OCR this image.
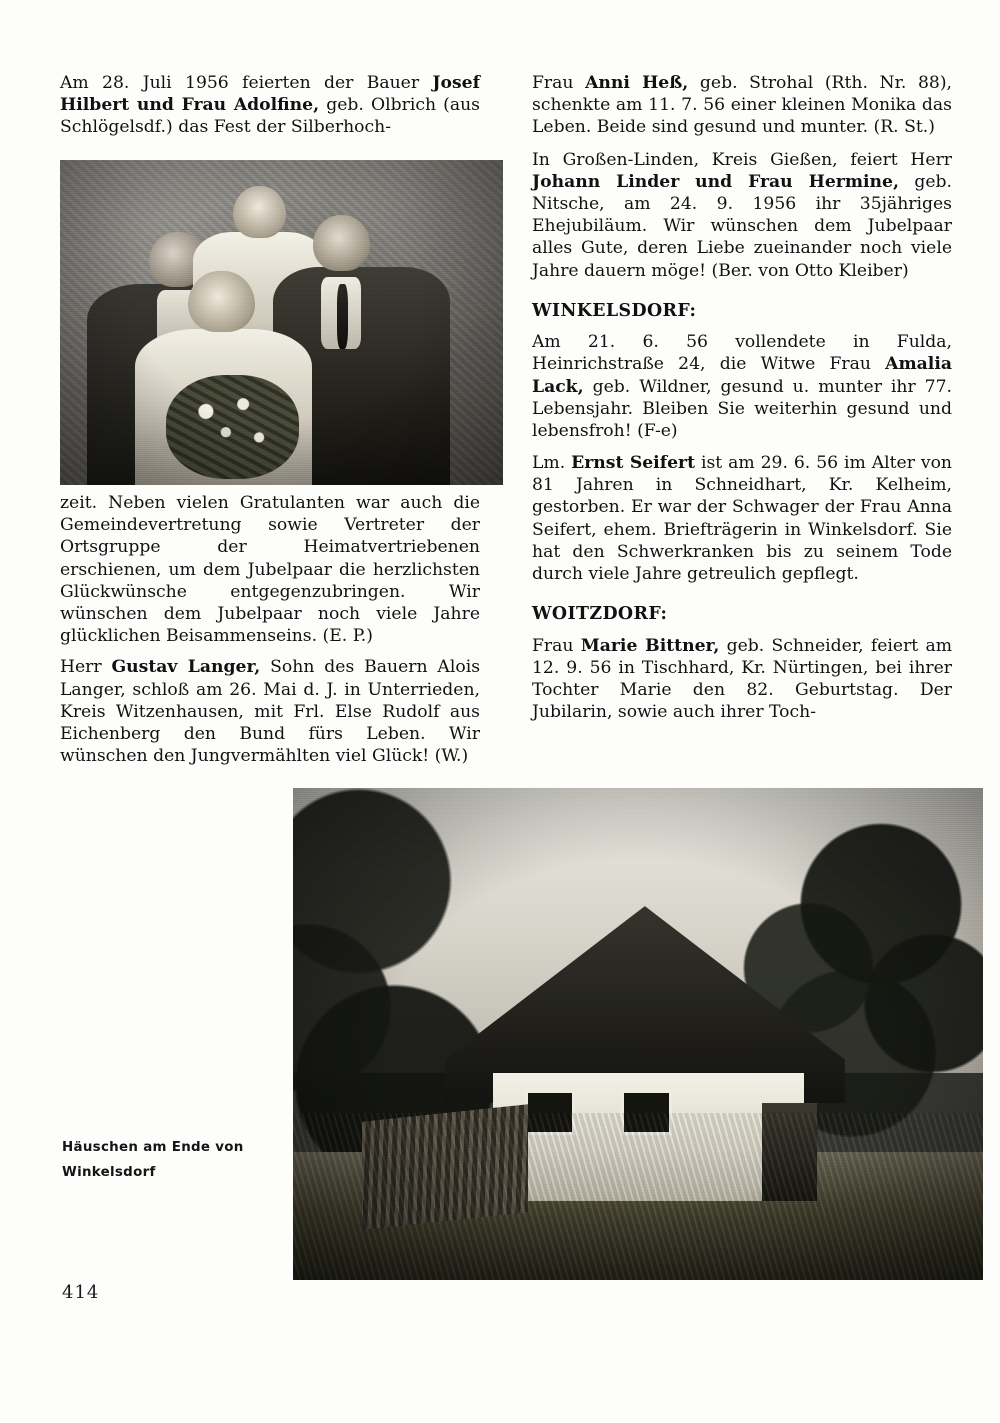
Am 28. Juli 1956 feierten der Bauer Josef Hilbert und Frau Adolfine, geb. Olbrich (aus Schlögelsdf.) das Fest der Silberhoch-

zeit. Neben vielen Gratulanten war auch die Gemeindevertretung sowie Vertreter der Ortsgruppe der Heimatvertriebenen erschienen, um dem Jubelpaar die herzlichsten Glückwünsche entgegenzubringen. Wir wünschen dem Jubelpaar noch viele Jahre glücklichen Beisammenseins. (E. P.)

Herr Gustav Langer, Sohn des Bauern Alois Langer, schloß am 26. Mai d. J. in Unterrieden, Kreis Witzenhausen, mit Frl. Else Rudolf aus Eichenberg den Bund fürs Leben. Wir wünschen den Jungvermählten viel Glück! (W.)

Frau Anni Heß, geb. Strohal (Rth. Nr. 88), schenkte am 11. 7. 56 einer kleinen Monika das Leben. Beide sind gesund und munter. (R. St.)

In Großen-Linden, Kreis Gießen, feiert Herr Johann Linder und Frau Hermine, geb. Nitsche, am 24. 9. 1956 ihr 35jähriges Ehejubiläum. Wir wünschen dem Jubelpaar alles Gute, deren Liebe zueinander noch viele Jahre dauern möge! (Ber. von Otto Kleiber)

WINKELSDORF:

Am 21. 6. 56 vollendete in Fulda, Heinrichstraße 24, die Witwe Frau Amalia Lack, geb. Wildner, gesund u. munter ihr 77. Lebensjahr. Bleiben Sie weiterhin gesund und lebensfroh! (F-e)

Lm. Ernst Seifert ist am 29. 6. 56 im Alter von 81 Jahren in Schneidhart, Kr. Kelheim, gestorben. Er war der Schwager der Frau Anna Seifert, ehem. Briefträgerin in Winkelsdorf. Sie hat den Schwerkranken bis zu seinem Tode durch viele Jahre getreulich gepflegt.

WOITZDORF:

Frau Marie Bittner, geb. Schneider, feiert am 12. 9. 56 in Tischhard, Kr. Nürtingen, bei ihrer Tochter Marie den 82. Geburtstag. Der Jubilarin, sowie auch ihrer Toch-

Häuschen am Ende von
Winkelsdorf
414
